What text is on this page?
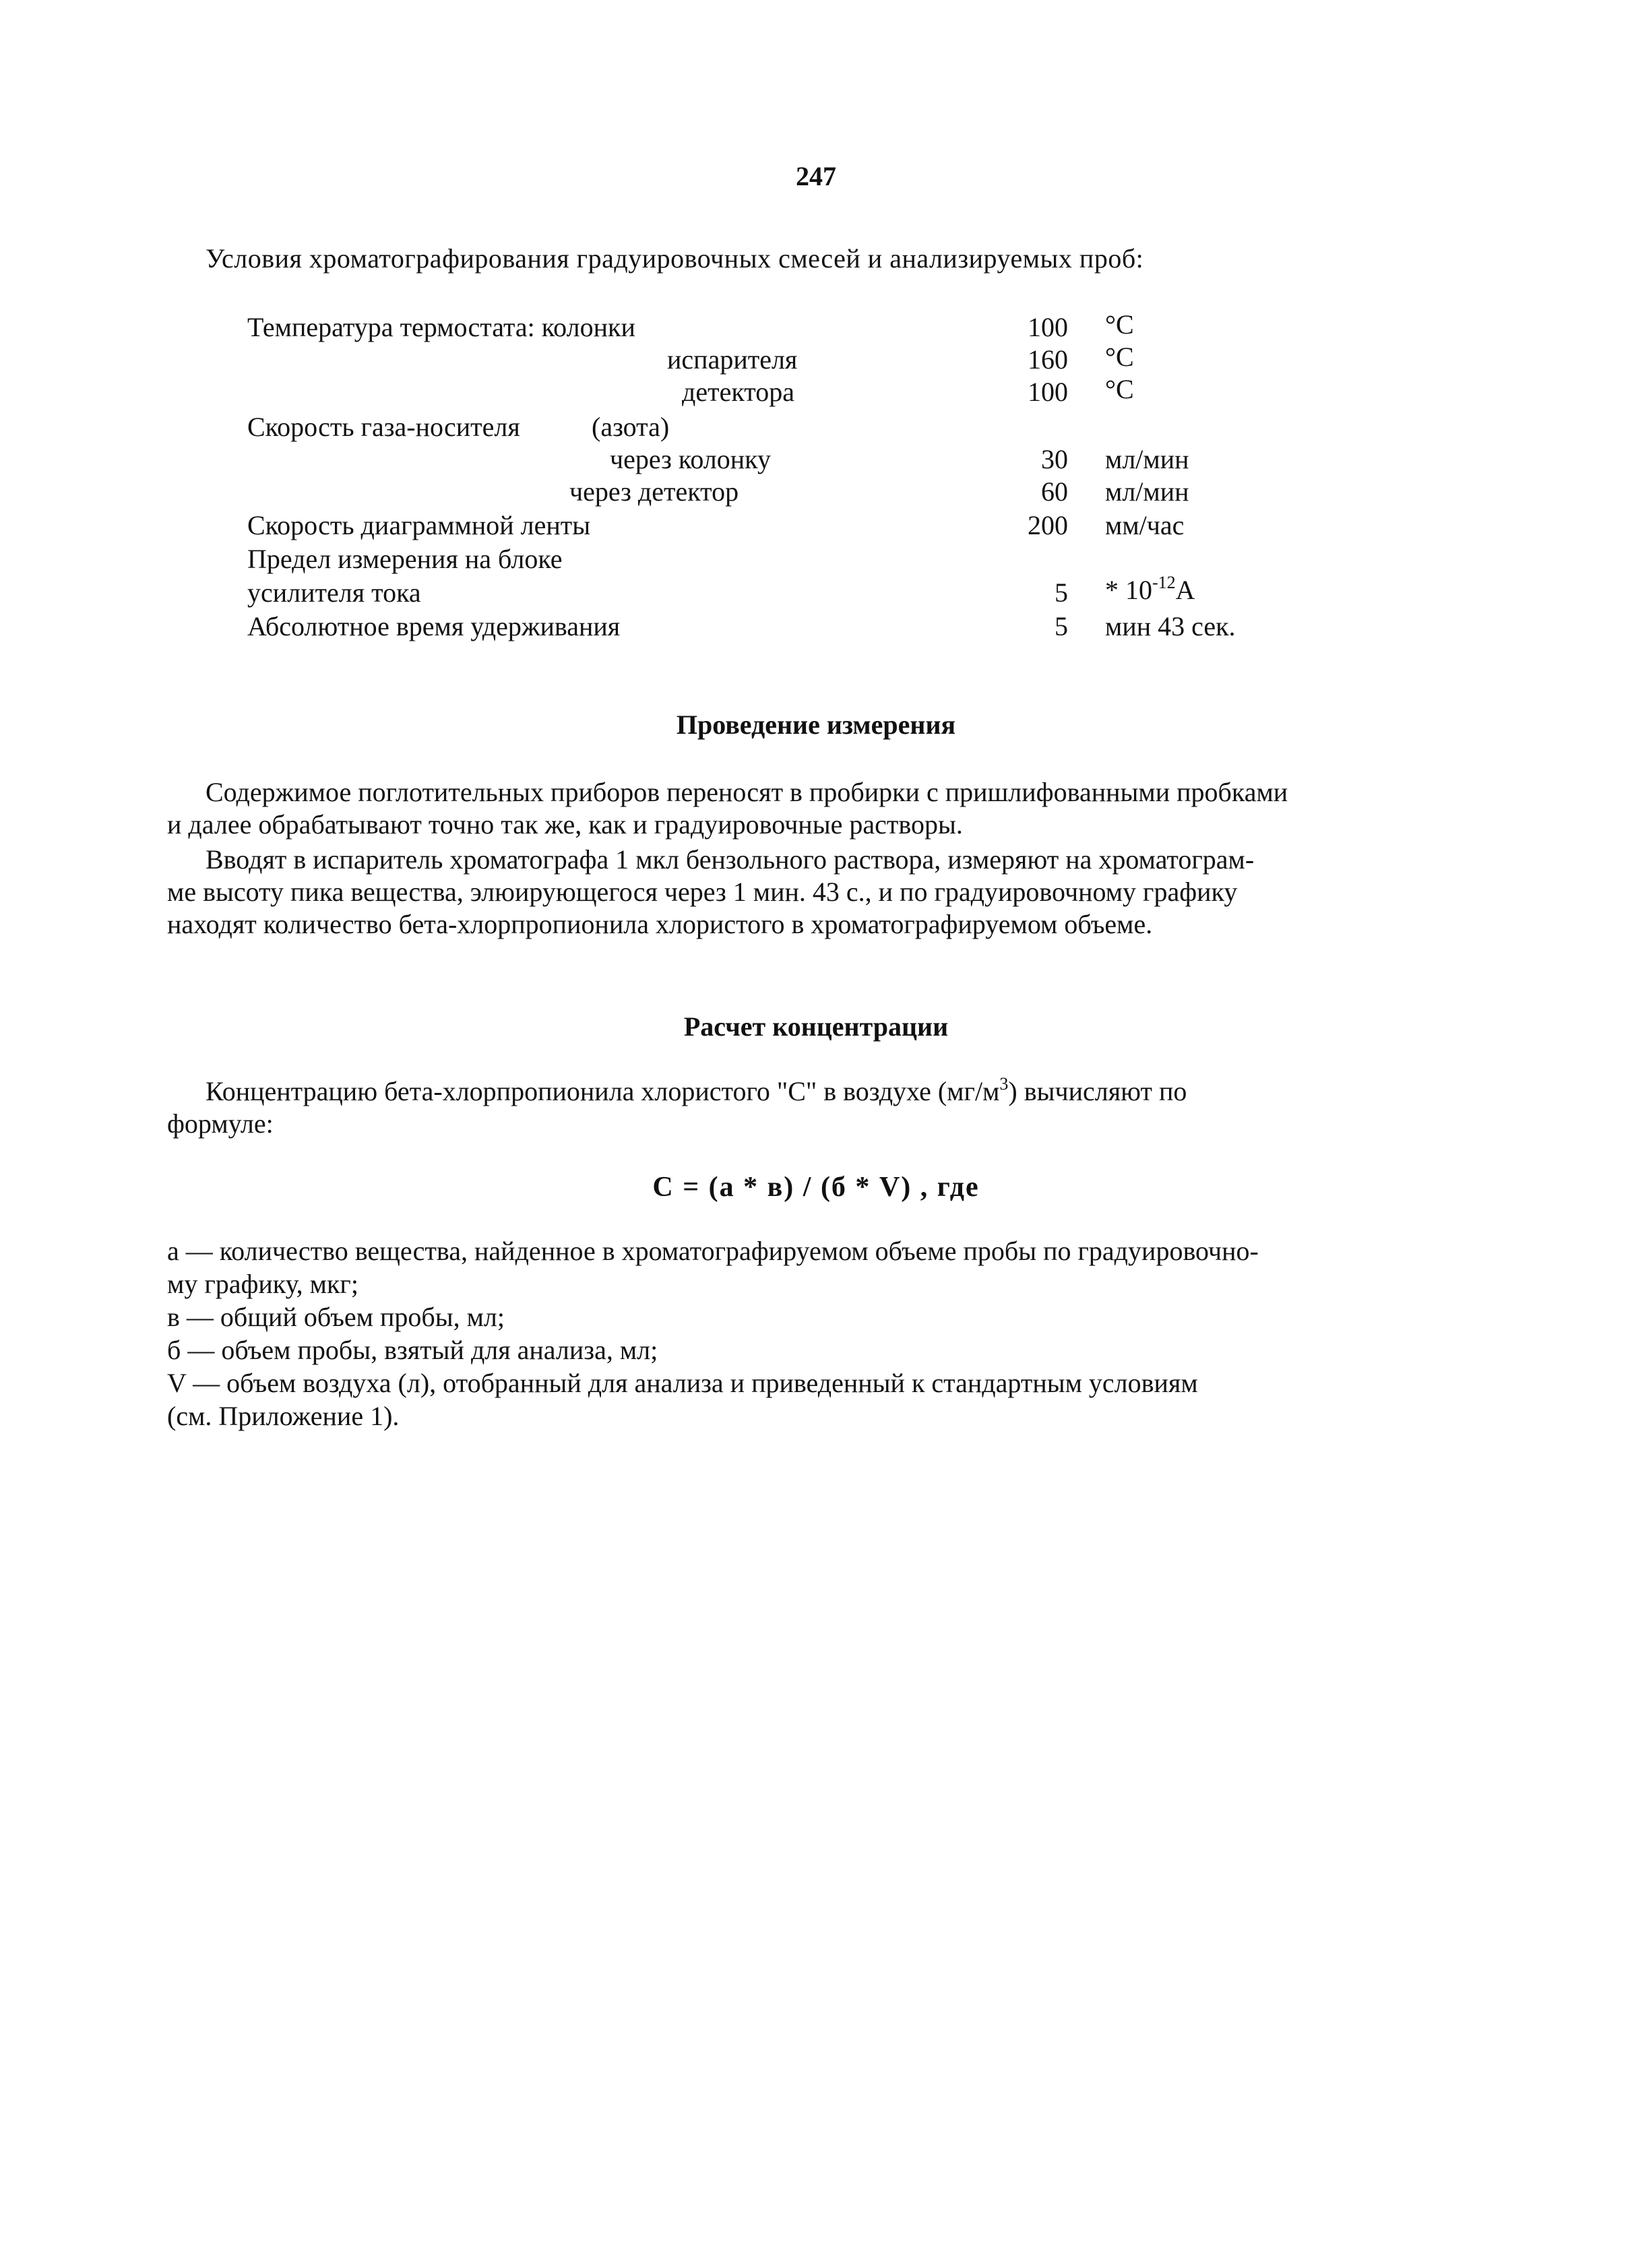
247
Условия хроматографирования градуировочных смесей и анализируемых проб:
Температура термостата: колонки	100 °C
испарителя	160 °C
детектора	100 °C
Скорость газа-носителя	(азота)
через колонку	30 мл/мин
через детектор	60 мл/мин
Скорость диаграммной ленты	200 мм/час
Предел измерения на блоке
усилителя тока	$5 * 10^{-12}A$
Абсолютное время удерживания	5 мин 43 сек.
Проведение измерения
Содержимое поглотительных приборов переносят в пробирки с пришлифованными пробками
и далее обрабатывают точно так же, как и градуировочные растворы.
Вводят в испаритель хроматографа 1 мкл бензольного раствора, измеряют на хроматограм-
ме высоту пика вещества, элюирующегося через 1 мин. 43 с., и по градуировочному графику
находят количество бета-хлорпропионила хлористого в хроматографируемом объеме.
Расчет концентрации
Концентрацию бета-хлорпропионила хлористого "C" в воздухе $(мг/м^3)$ вычисляют по
формуле:
C = (а * в) / (б * V) , где
а — количество вещества, найденное в хроматографируемом объеме пробы по градуировочно-
му графику, мкг;
в — общий объем пробы, мл;
б — объем пробы, взятый для анализа, мл;
V — объем воздуха (л), отобранный для анализа и приведенный к стандартным условиям
(см. Приложение 1).
